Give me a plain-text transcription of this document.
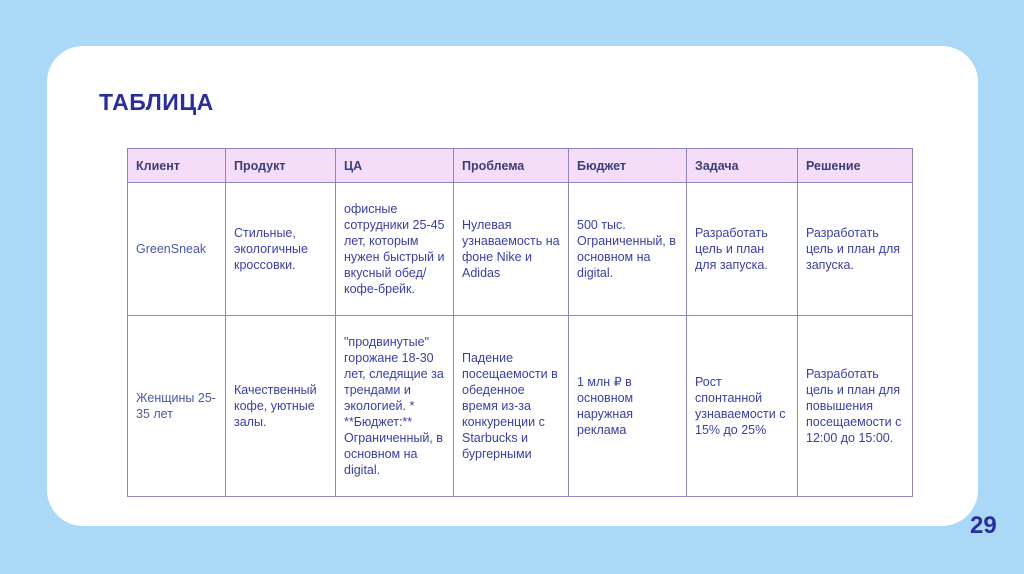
ТАБЛИЦА
Клиент	Продукт	ЦА	Проблема	Бюджет	Задача	Решение
GreenSneak	Стильные, экологичные кроссовки.	офисные сотрудники 25-45 лет, которым нужен быстрый и вкусный обед/ кофе-брейк.	Нулевая узнаваемость на фоне Nike и Adidas	500 тыс. Ограниченный, в основном на digital.	Разработать цель и план для запуска.	Разработать цель и план для запуска.
Женщины 25-35 лет	Качественный кофе, уютные залы.	"продвинутые" горожане 18-30 лет, следящие за трендами и экологией. * **Бюджет:** Ограниченный, в основном на digital.	Падение посещаемости в обеденное время из-за конкуренции с Starbucks и бургерными	1 млн ₽ в основном наружная реклама	Рост спонтанной узнаваемости с 15% до 25%	Разработать цель и план для повышения посещаемости с 12:00 до 15:00.
29
